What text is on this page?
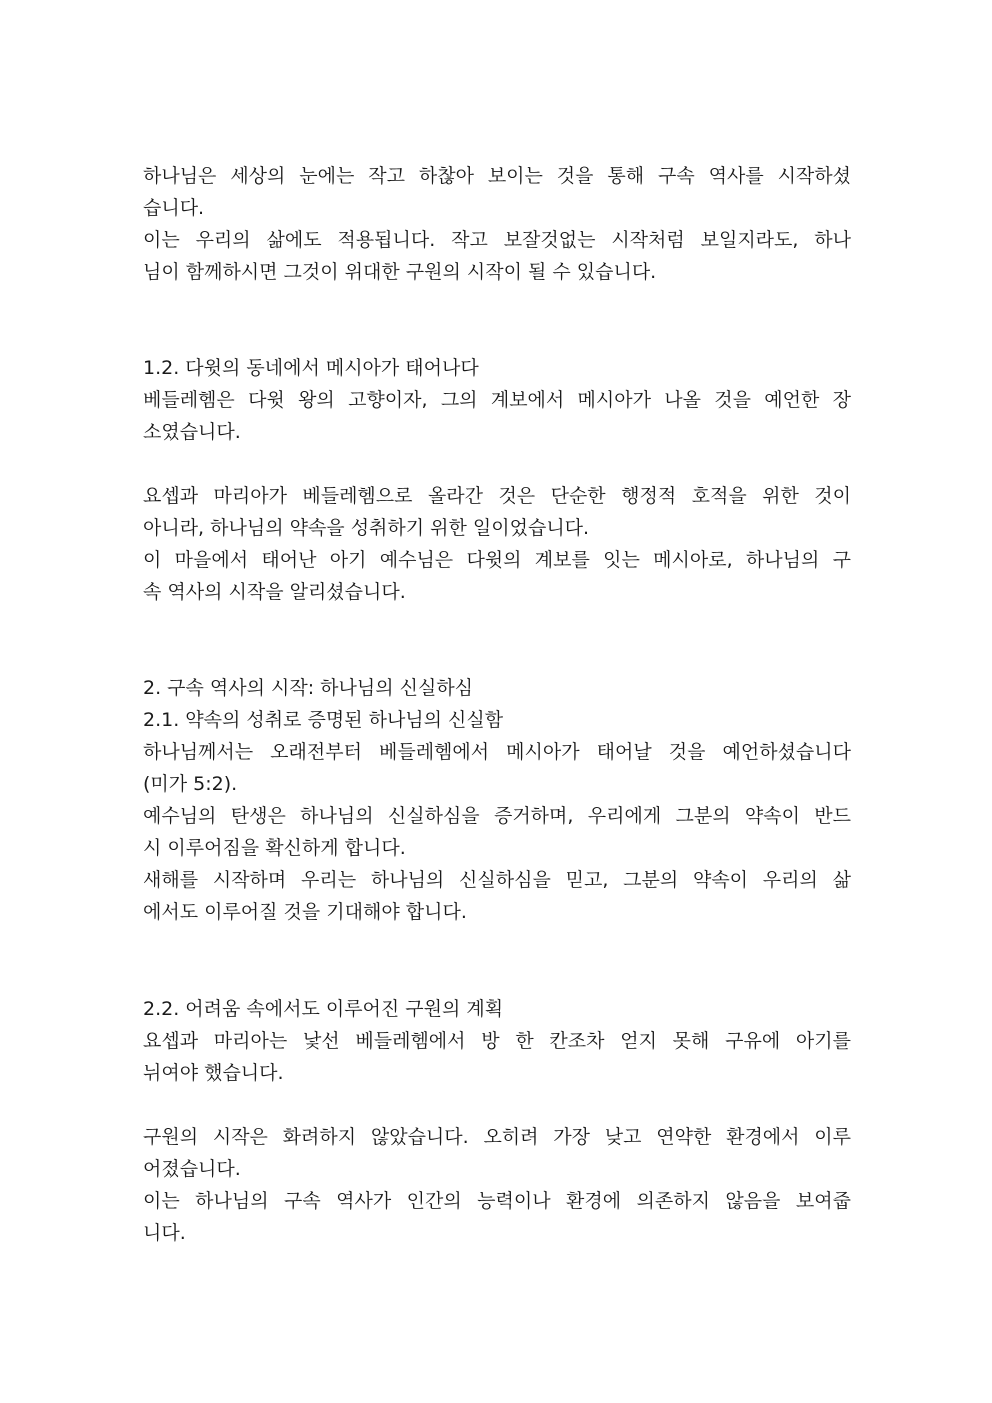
하나님은 세상의 눈에는 작고 하찮아 보이는 것을 통해 구속 역사를 시작하셨
습니다.
이는 우리의 삶에도 적용됩니다. 작고 보잘것없는 시작처럼 보일지라도, 하나
님이 함께하시면 그것이 위대한 구원의 시작이 될 수 있습니다.
1.2. 다윗의 동네에서 메시아가 태어나다
베들레헴은 다윗 왕의 고향이자, 그의 계보에서 메시아가 나올 것을 예언한 장
소였습니다.
요셉과 마리아가 베들레헴으로 올라간 것은 단순한 행정적 호적을 위한 것이
아니라, 하나님의 약속을 성취하기 위한 일이었습니다.
이 마을에서 태어난 아기 예수님은 다윗의 계보를 잇는 메시아로, 하나님의 구
속 역사의 시작을 알리셨습니다.
2. 구속 역사의 시작: 하나님의 신실하심
2.1. 약속의 성취로 증명된 하나님의 신실함
하나님께서는 오래전부터 베들레헴에서 메시아가 태어날 것을 예언하셨습니다
(미가 5:2).
예수님의 탄생은 하나님의 신실하심을 증거하며, 우리에게 그분의 약속이 반드
시 이루어짐을 확신하게 합니다.
새해를 시작하며 우리는 하나님의 신실하심을 믿고, 그분의 약속이 우리의 삶
에서도 이루어질 것을 기대해야 합니다.
2.2. 어려움 속에서도 이루어진 구원의 계획
요셉과 마리아는 낯선 베들레헴에서 방 한 칸조차 얻지 못해 구유에 아기를
뉘여야 했습니다.
구원의 시작은 화려하지 않았습니다. 오히려 가장 낮고 연약한 환경에서 이루
어졌습니다.
이는 하나님의 구속 역사가 인간의 능력이나 환경에 의존하지 않음을 보여줍
니다.
